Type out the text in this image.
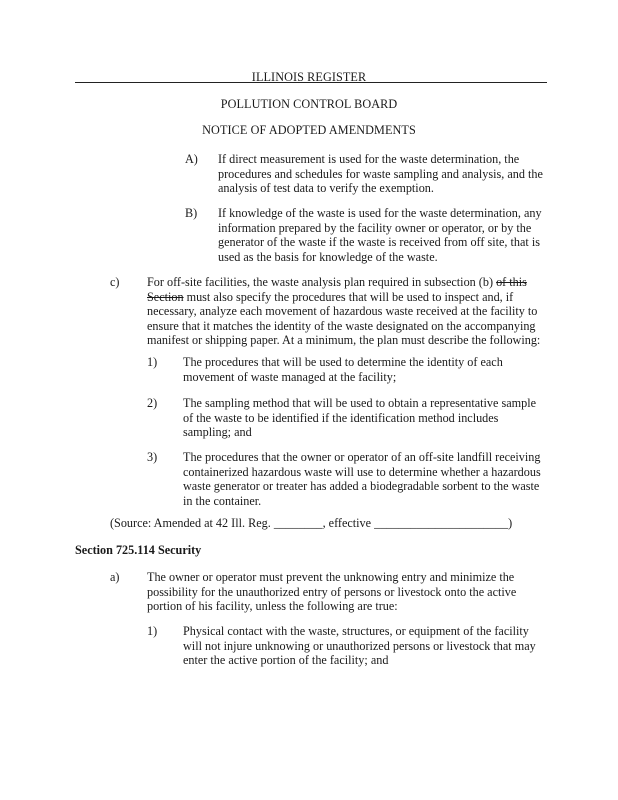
ILLINOIS REGISTER
POLLUTION CONTROL BOARD
NOTICE OF ADOPTED AMENDMENTS
A) If direct measurement is used for the waste determination, the procedures and schedules for waste sampling and analysis, and the analysis of test data to verify the exemption.
B) If knowledge of the waste is used for the waste determination, any information prepared by the facility owner or operator, or by the generator of the waste if the waste is received from off site, that is used as the basis for knowledge of the waste.
c) For off-site facilities, the waste analysis plan required in subsection (b) of this Section must also specify the procedures that will be used to inspect and, if necessary, analyze each movement of hazardous waste received at the facility to ensure that it matches the identity of the waste designated on the accompanying manifest or shipping paper. At a minimum, the plan must describe the following:
1) The procedures that will be used to determine the identity of each movement of waste managed at the facility;
2) The sampling method that will be used to obtain a representative sample of the waste to be identified if the identification method includes sampling; and
3) The procedures that the owner or operator of an off-site landfill receiving containerized hazardous waste will use to determine whether a hazardous waste generator or treater has added a biodegradable sorbent to the waste in the container.
(Source: Amended at 42 Ill. Reg. ________, effective ______________________)
Section 725.114 Security
a) The owner or operator must prevent the unknowing entry and minimize the possibility for the unauthorized entry of persons or livestock onto the active portion of his facility, unless the following are true:
1) Physical contact with the waste, structures, or equipment of the facility will not injure unknowing or unauthorized persons or livestock that may enter the active portion of the facility; and
